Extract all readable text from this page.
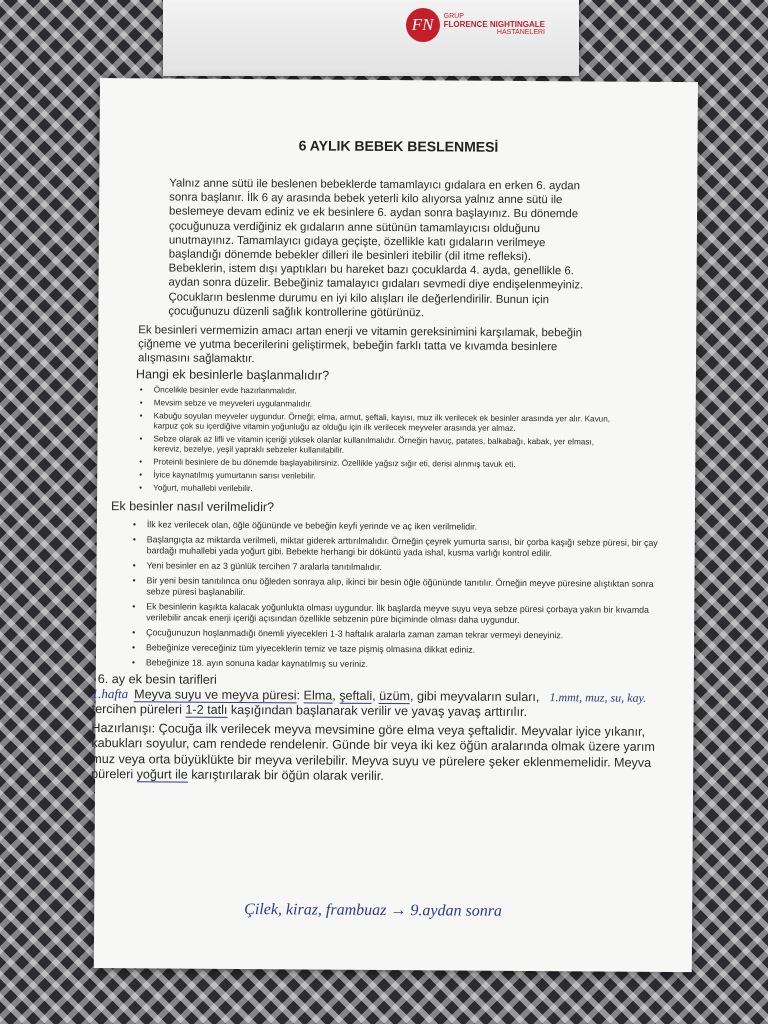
FN	GRUP
FLORENCE NIGHTINGALE
HASTANELERI
6 AYLIK BEBEK BESLENMESİ

Yalnız anne sütü ile beslenen bebeklerde tamamlayıcı gıdalara en erken 6. aydan sonra başlanır. İlk 6 ay arasında bebek yeterli kilo alıyorsa yalnız anne sütü ile beslemeye devam ediniz ve ek besinlere 6. aydan sonra başlayınız. Bu dönemde çocuğunuza verdiğiniz ek gıdaların anne sütünün tamamlayıcısı olduğunu unutmayınız. Tamamlayıcı gıdaya geçişte, özellikle katı gıdaların verilmeye başlandığı dönemde bebekler dilleri ile besinleri itebilir (dil itme refleksi). Bebeklerin, istem dışı yaptıkları bu hareket bazı çocuklarda 4. ayda, genellikle 6. aydan sonra düzelir. Bebeğiniz tamalayıcı gıdaları sevmedi diye endişelenmeyiniz. Çocukların beslenme durumu en iyi kilo alışları ile değerlendirilir. Bunun için çocuğunuzu düzenli sağlık kontrollerine götürünüz.

Ek besinleri vermemizin amacı artan enerji ve vitamin gereksinimini karşılamak, bebeğin çiğneme ve yutma becerilerini geliştirmek, bebeğin farklı tatta ve kıvamda besinlere alışmasını sağlamaktır.

Hangi ek besinlerle başlanmalıdır?
• Öncelikle besinler evde hazırlanmalıdır.
• Mevsim sebze ve meyveleri uygulanmalıdır.
• Kabuğu soyulan meyveler uygundur. Örneği; elma, armut, şeftali, kayısı, muz ilk verilecek ek besinler arasında yer alır. Kavun, karpuz çok su içerdiğive vitamin yoğunluğu az olduğu için ilk verilecek meyveler arasında yer almaz.
• Sebze olarak az lifli ve vitamin içeriği yüksek olanlar kullanılmalıdır. Örneğin havuç, patates, balkabağı, kabak, yer elması, kereviz, bezelye, yeşil yapraklı sebzeler kullanılabilir.
• Proteinli besinlere de bu dönemde başlayabilirsiniz. Özellikle yağsız sığır eti, derisi alınmış tavuk eti.
• İyice kaynatılmış yumurtanın sarısı verilebilir.
• Yoğurt, muhallebi verilebilir.
Ek besinler nasıl verilmelidir?
• İlk kez verilecek olan, öğle öğününde ve bebeğin keyfi yerinde ve aç iken verilmelidir.
• Başlangıçta az miktarda verilmeli, miktar giderek arttırılmalıdır. Örneğin çeyrek yumurta sarısı, bir çorba kaşığı sebze püresi, bir çay bardağı muhallebi yada yoğurt gibi. Bebekte herhangi bir döküntü yada ishal, kusma varlığı kontrol edilir.
• Yeni besinler en az 3 günlük tercihen 7 aralarla tanıtılmalıdır.
• Bir yeni besin tanıtılınca onu öğleden sonraya alıp, ikinci bir besin öğle öğününde tanıtılır. Örneğin meyve püresine alıştıktan sonra sebze püresi başlanabilir.
• Ek besinlerin kaşıkta kalacak yoğunlukta olması uygundur. İlk başlarda meyve suyu veya sebze püresi çorbaya yakın bir kıvamda verilebilir ancak enerji içeriği açısından özellikle sebzenin püre biçiminde olması daha uygundur.
• Çocuğunuzun hoşlanmadığı önemli yiyecekleri 1-3 haftalık aralarla zaman zaman tekrar vermeyi deneyiniz.
• Bebeğinize vereceğiniz tüm yiyeceklerin temiz ve taze pişmiş olmasına dikkat ediniz.
• Bebeğinize 18. ayın sonuna kadar kaynatılmış su veriniz.
6. ay ek besin tarifleri

1.hafta Meyva suyu ve meyva püresi: Elma, şeftali, üzüm, gibi meyvaların suları, 1.mmt, muz, su, kay.

tercihen püreleri 1-2 tatlı kaşığından başlanarak verilir ve yavaş yavaş arttırılır.

Hazırlanışı: Çocuğa ilk verilecek meyva mevsimine göre elma veya şeftalidir. Meyvalar iyice yıkanır, kabukları soyulur, cam rendede rendelenir. Günde bir veya iki kez öğün aralarında olmak üzere yarım muz veya orta büyüklükte bir meyva verilebilir. Meyva suyu ve pürelere şeker eklenmemelidir. Meyva püreleri yoğurt ile karıştırılarak bir öğün olarak verilir.

Çilek, kiraz, frambuaz → 9.aydan sonra
